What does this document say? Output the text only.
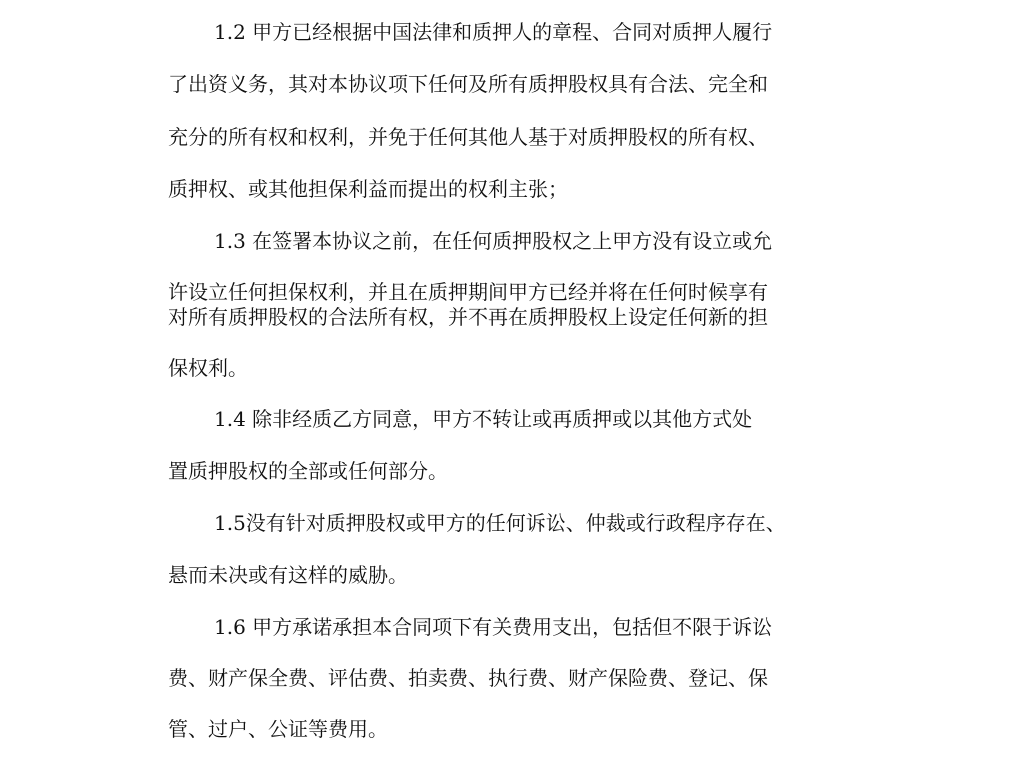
1.2 甲方已经根据中国法律和质押人的章程、合同对质押人履行
了出资义务，其对本协议项下任何及所有质押股权具有合法、完全和
充分的所有权和权利，并免于任何其他人基于对质押股权的所有权、
质押权、或其他担保利益而提出的权利主张；
1.3 在签署本协议之前，在任何质押股权之上甲方没有设立或允
许设立任何担保权利，并且在质押期间甲方已经并将在任何时候享有
对所有质押股权的合法所有权，并不再在质押股权上设定任何新的担
保权利。
1.4 除非经质乙方同意，甲方不转让或再质押或以其他方式处
置质押股权的全部或任何部分。
1.5没有针对质押股权或甲方的任何诉讼、仲裁或行政程序存在、
悬而未决或有这样的威胁。
1.6 甲方承诺承担本合同项下有关费用支出，包括但不限于诉讼
费、财产保全费、评估费、拍卖费、执行费、财产保险费、登记、保
管、过户、公证等费用。
